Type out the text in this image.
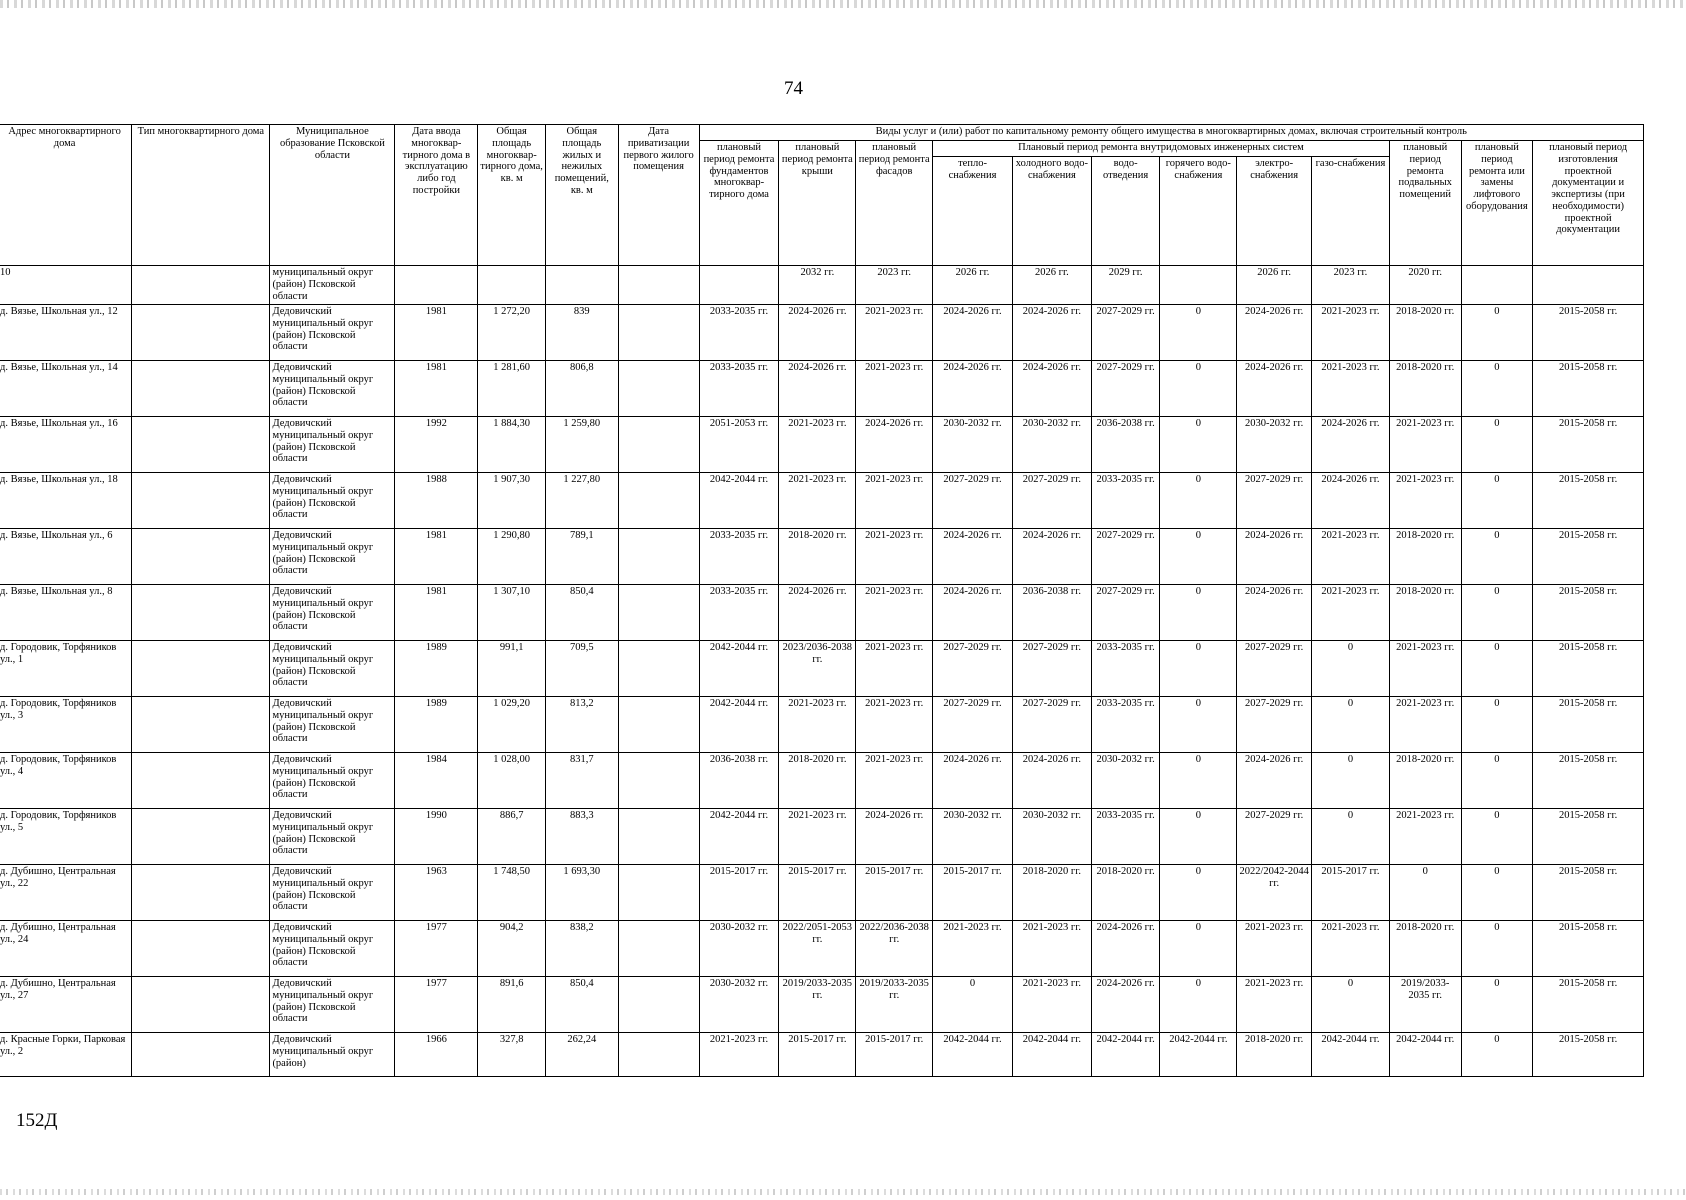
74
Адрес многоквартирного дома	Тип многоквартирного дома	Муниципальное образование Псковской области	Дата ввода многоквар-тирного дома в эксплуатацию либо год постройки	Общая площадь многоквар-тирного дома, кв. м	Общая площадь жилых и нежилых помещений, кв. м	Дата приватизации первого жилого помещения	Виды услуг и (или) работ по капитальному ремонту общего имущества в многоквартирных домах, включая строительный контроль											
							плановый период ремонта фундаментов многоквар-тирного дома	плановый период ремонта крыши	плановый период ремонта фасадов	Плановый период ремонта внутридомовых инженерных систем						плановый период ремонта подвальных помещений	плановый период ремонта или замены лифтового оборудования	плановый период изготовления проектной документации и экспертизы (при необходимости) проектной документации
										тепло-снабжения	холодного водо-снабжения	водо-отведения	горячего водо-снабжения	электро-снабжения	газо-снабжения			
10		муниципальный округ (район) Псковской области						2032 гг.	2023 гг.	2026 гг.	2026 гг.	2029 гг.		2026 гг.	2023 гг.	2020 гг.		
д. Вязье, Школьная ул., 12		Дедовичский муниципальный округ (район) Псковской области	1981	1 272,20	839		2033-2035 гг.	2024-2026 гг.	2021-2023 гг.	2024-2026 гг.	2024-2026 гг.	2027-2029 гг.	0	2024-2026 гг.	2021-2023 гг.	2018-2020 гг.	0	2015-2058 гг.
д. Вязье, Школьная ул., 14		Дедовичский муниципальный округ (район) Псковской области	1981	1 281,60	806,8		2033-2035 гг.	2024-2026 гг.	2021-2023 гг.	2024-2026 гг.	2024-2026 гг.	2027-2029 гг.	0	2024-2026 гг.	2021-2023 гг.	2018-2020 гг.	0	2015-2058 гг.
д. Вязье, Школьная ул., 16		Дедовичский муниципальный округ (район) Псковской области	1992	1 884,30	1 259,80		2051-2053 гг.	2021-2023 гг.	2024-2026 гг.	2030-2032 гг.	2030-2032 гг.	2036-2038 гг.	0	2030-2032 гг.	2024-2026 гг.	2021-2023 гг.	0	2015-2058 гг.
д. Вязье, Школьная ул., 18		Дедовичский муниципальный округ (район) Псковской области	1988	1 907,30	1 227,80		2042-2044 гг.	2021-2023 гг.	2021-2023 гг.	2027-2029 гг.	2027-2029 гг.	2033-2035 гг.	0	2027-2029 гг.	2024-2026 гг.	2021-2023 гг.	0	2015-2058 гг.
д. Вязье, Школьная ул., 6		Дедовичский муниципальный округ (район) Псковской области	1981	1 290,80	789,1		2033-2035 гг.	2018-2020 гг.	2021-2023 гг.	2024-2026 гг.	2024-2026 гг.	2027-2029 гг.	0	2024-2026 гг.	2021-2023 гг.	2018-2020 гг.	0	2015-2058 гг.
д. Вязье, Школьная ул., 8		Дедовичский муниципальный округ (район) Псковской области	1981	1 307,10	850,4		2033-2035 гг.	2024-2026 гг.	2021-2023 гг.	2024-2026 гг.	2036-2038 гг.	2027-2029 гг.	0	2024-2026 гг.	2021-2023 гг.	2018-2020 гг.	0	2015-2058 гг.
д. Городовик, Торфяников ул., 1		Дедовичский муниципальный округ (район) Псковской области	1989	991,1	709,5		2042-2044 гг.	2023/2036-2038 гг.	2021-2023 гг.	2027-2029 гг.	2027-2029 гг.	2033-2035 гг.	0	2027-2029 гг.	0	2021-2023 гг.	0	2015-2058 гг.
д. Городовик, Торфяников ул., 3		Дедовичский муниципальный округ (район) Псковской области	1989	1 029,20	813,2		2042-2044 гг.	2021-2023 гг.	2021-2023 гг.	2027-2029 гг.	2027-2029 гг.	2033-2035 гг.	0	2027-2029 гг.	0	2021-2023 гг.	0	2015-2058 гг.
д. Городовик, Торфяников ул., 4		Дедовичский муниципальный округ (район) Псковской области	1984	1 028,00	831,7		2036-2038 гг.	2018-2020 гг.	2021-2023 гг.	2024-2026 гг.	2024-2026 гг.	2030-2032 гг.	0	2024-2026 гг.	0	2018-2020 гг.	0	2015-2058 гг.
д. Городовик, Торфяников ул., 5		Дедовичский муниципальный округ (район) Псковской области	1990	886,7	883,3		2042-2044 гг.	2021-2023 гг.	2024-2026 гг.	2030-2032 гг.	2030-2032 гг.	2033-2035 гг.	0	2027-2029 гг.	0	2021-2023 гг.	0	2015-2058 гг.
д. Дубишно, Центральная ул., 22		Дедовичский муниципальный округ (район) Псковской области	1963	1 748,50	1 693,30		2015-2017 гг.	2015-2017 гг.	2015-2017 гг.	2015-2017 гг.	2018-2020 гг.	2018-2020 гг.	0	2022/2042-2044 гг.	2015-2017 гг.	0	0	2015-2058 гг.
д. Дубишно, Центральная ул., 24		Дедовичский муниципальный округ (район) Псковской области	1977	904,2	838,2		2030-2032 гг.	2022/2051-2053 гг.	2022/2036-2038 гг.	2021-2023 гг.	2021-2023 гг.	2024-2026 гг.	0	2021-2023 гг.	2021-2023 гг.	2018-2020 гг.	0	2015-2058 гг.
д. Дубишно, Центральная ул., 27		Дедовичский муниципальный округ (район) Псковской области	1977	891,6	850,4		2030-2032 гг.	2019/2033-2035 гг.	2019/2033-2035 гг.	0	2021-2023 гг.	2024-2026 гг.	0	2021-2023 гг.	0	2019/2033-2035 гг.	0	2015-2058 гг.
д. Красные Горки, Парковая ул., 2		Дедовичский муниципальный округ (район)	1966	327,8	262,24		2021-2023 гг.	2015-2017 гг.	2015-2017 гг.	2042-2044 гг.	2042-2044 гг.	2042-2044 гг.	2042-2044 гг.	2018-2020 гг.	2042-2044 гг.	2042-2044 гг.	0	2015-2058 гг.
152Д
